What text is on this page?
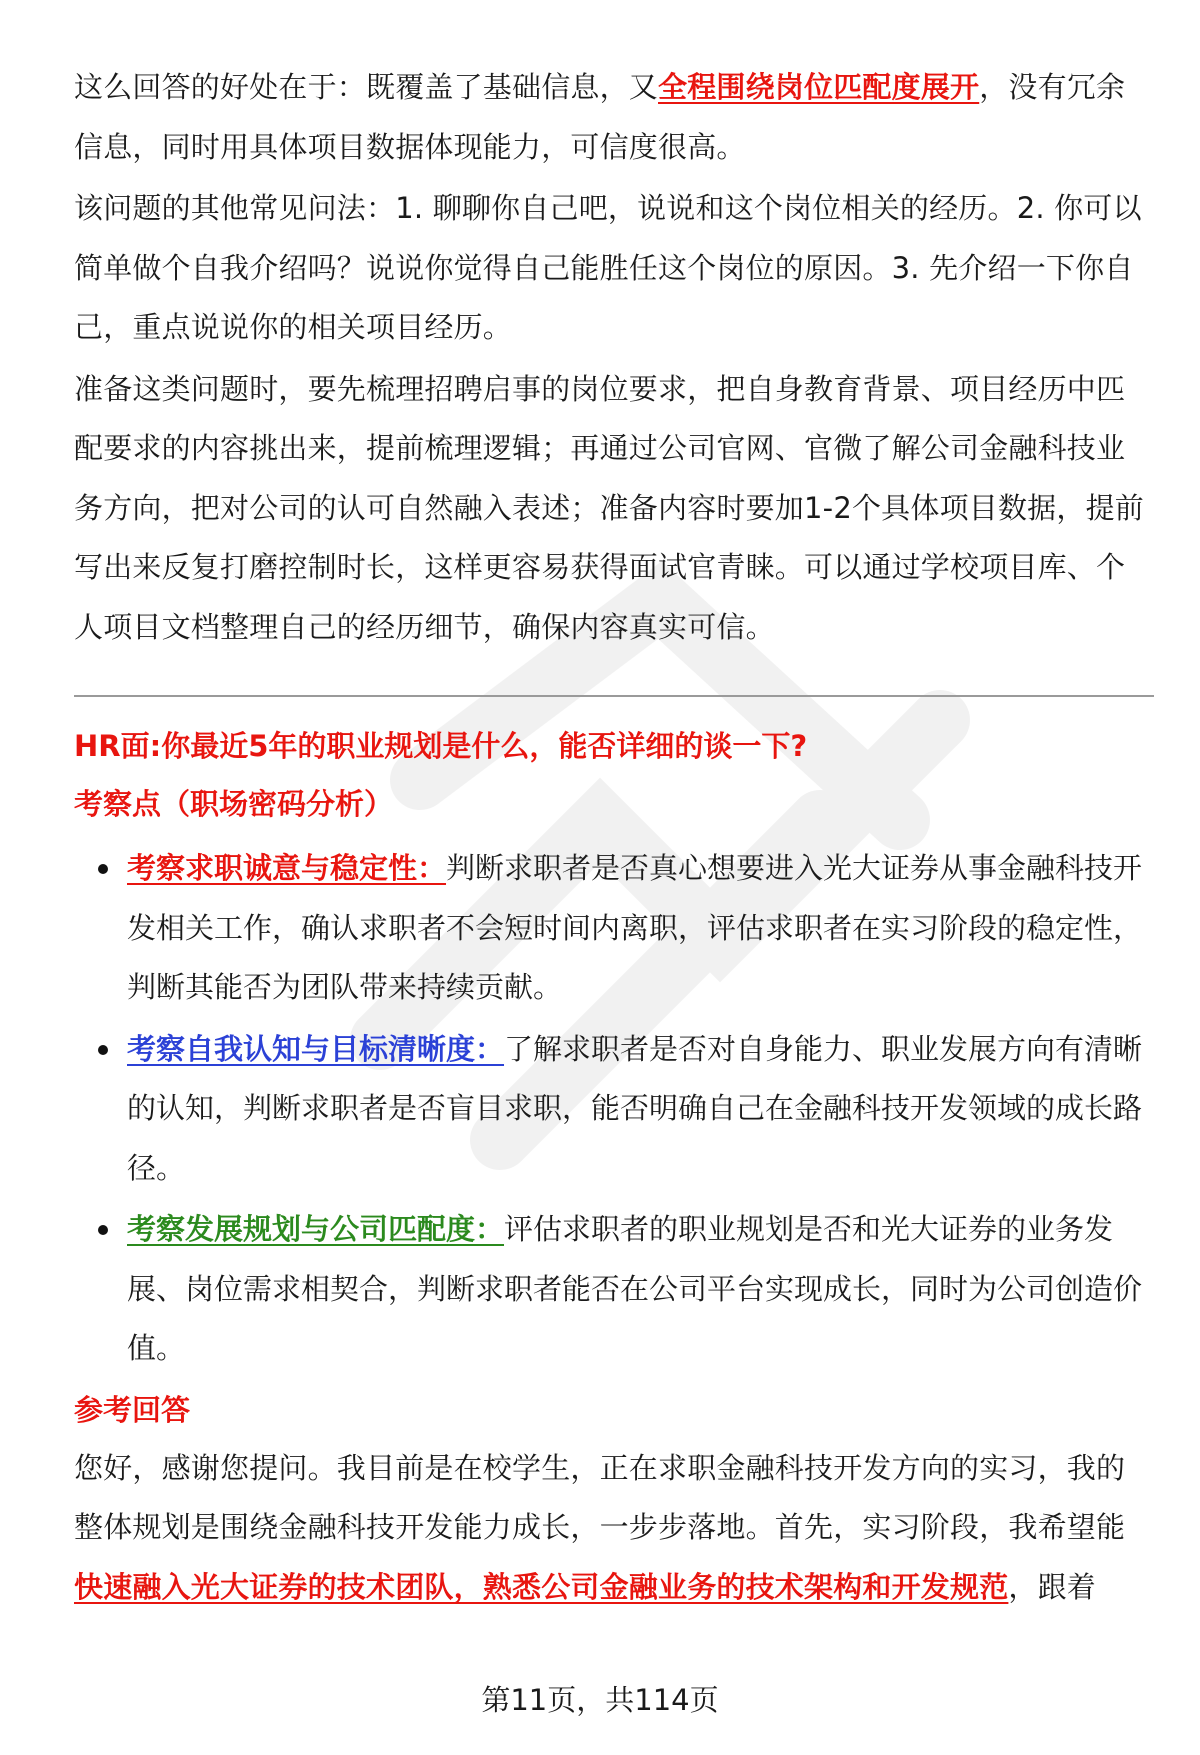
这么回答的好处在于：既覆盖了基础信息，又全程围绕岗位匹配度展开，没有冗余信息，同时用具体项目数据体现能力，可信度很高。

该问题的其他常见问法：1. 聊聊你自己吧，说说和这个岗位相关的经历。2. 你可以简单做个自我介绍吗？说说你觉得自己能胜任这个岗位的原因。3. 先介绍一下你自己，重点说说你的相关项目经历。

准备这类问题时，要先梳理招聘启事的岗位要求，把自身教育背景、项目经历中匹配要求的内容挑出来，提前梳理逻辑；再通过公司官网、官微了解公司金融科技业务方向，把对公司的认可自然融入表述；准备内容时要加1-2个具体项目数据，提前写出来反复打磨控制时长，这样更容易获得面试官青睐。可以通过学校项目库、个人项目文档整理自己的经历细节，确保内容真实可信。

HR面:你最近5年的职业规划是什么，能否详细的谈一下?
考察点（职场密码分析）
考察求职诚意与稳定性：判断求职者是否真心想要进入光大证券从事金融科技开发相关工作，确认求职者不会短时间内离职，评估求职者在实习阶段的稳定性，判断其能否为团队带来持续贡献。
考察自我认知与目标清晰度：了解求职者是否对自身能力、职业发展方向有清晰的认知，判断求职者是否盲目求职，能否明确自己在金融科技开发领域的成长路径。
考察发展规划与公司匹配度：评估求职者的职业规划是否和光大证券的业务发展、岗位需求相契合，判断求职者能否在公司平台实现成长，同时为公司创造价值。
参考回答

您好，感谢您提问。我目前是在校学生，正在求职金融科技开发方向的实习，我的整体规划是围绕金融科技开发能力成长，一步步落地。首先，实习阶段，我希望能快速融入光大证券的技术团队，熟悉公司金融业务的技术架构和开发规范，跟着

第11页，共114页
